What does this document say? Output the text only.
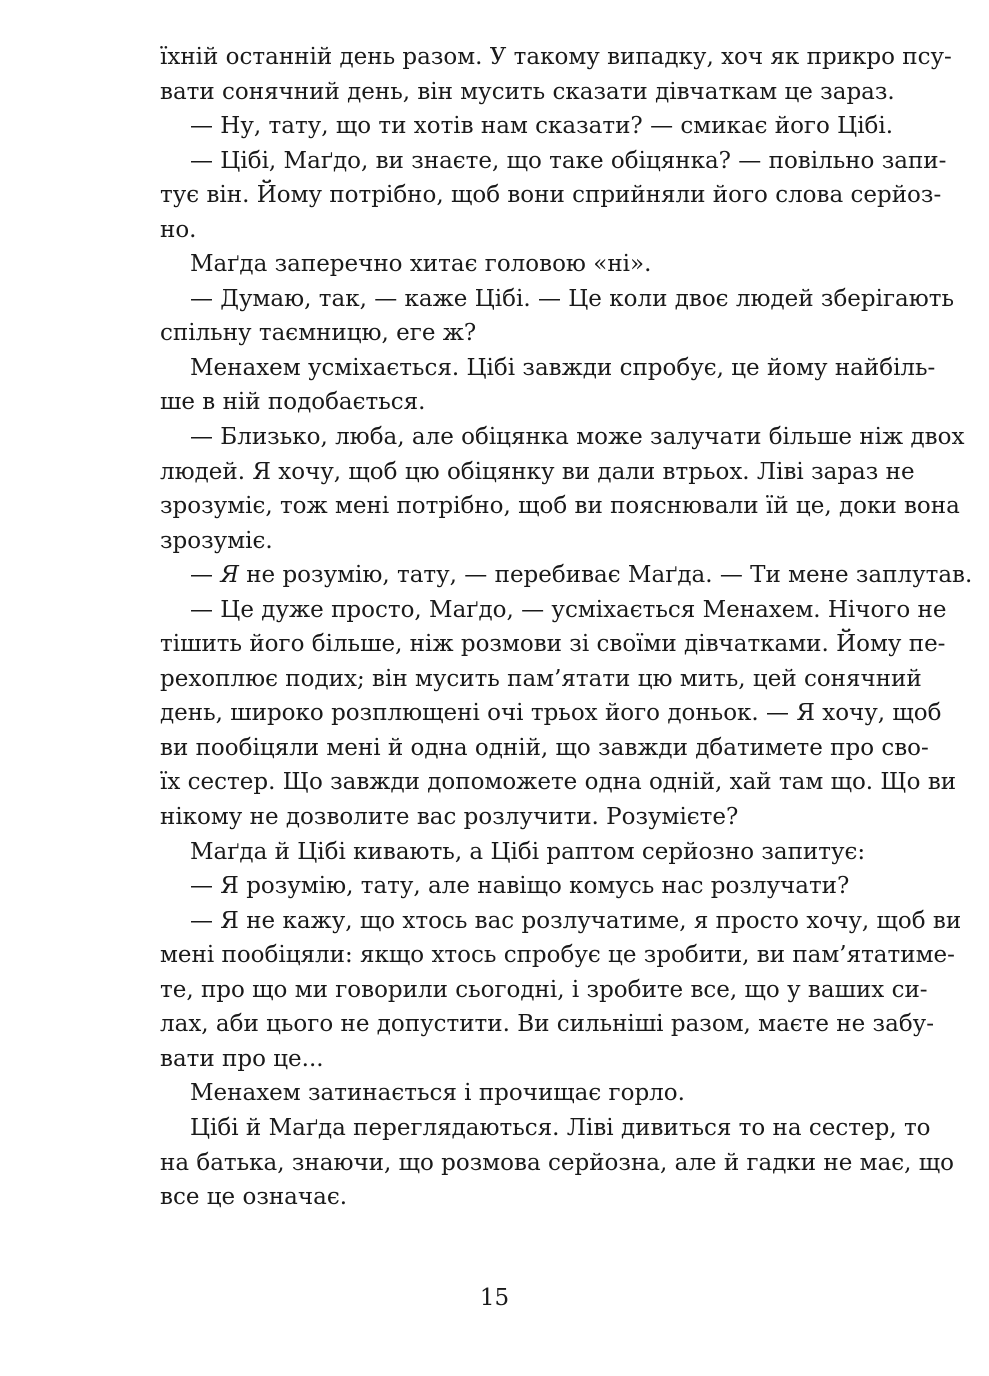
їхній останній день разом. У такому випадку, хоч як прикро псу-
вати сонячний день, він мусить сказати дівчаткам це зараз.
— Ну, тату, що ти хотів нам сказати? — смикає його Цібі.
— Цібі, Маґдо, ви знаєте, що таке обіцянка? — повільно запи-
тує він. Йому потрібно, щоб вони сприйняли його слова серйоз-
но.
Маґда заперечно хитає головою «ні».
— Думаю, так, — каже Цібі. — Це коли двоє людей зберігають
спільну таємницю, еге ж?
Менахем усміхається. Цібі завжди спробує, це йому найбіль-
ше в ній подобається.
— Близько, люба, але обіцянка може залучати більше ніж двох
людей. Я хочу, щоб цю обіцянку ви дали втрьох. Ліві зараз не
зрозуміє, тож мені потрібно, щоб ви пояснювали їй це, доки вона
зрозуміє.
— Я не розумію, тату, — перебиває Маґда. — Ти мене заплутав.
— Це дуже просто, Маґдо, — усміхається Менахем. Нічого не
тішить його більше, ніж розмови зі своїми дівчатками. Йому пе-
рехоплює подих; він мусить пам’ятати цю мить, цей сонячний
день, широко розплющені очі трьох його доньок. — Я хочу, щоб
ви пообіцяли мені й одна одній, що завжди дбатимете про сво-
їх сестер. Що завжди допоможете одна одній, хай там що. Що ви
нікому не дозволите вас розлучити. Розумієте?
Маґда й Цібі кивають, а Цібі раптом серйозно запитує:
— Я розумію, тату, але навіщо комусь нас розлучати?
— Я не кажу, що хтось вас розлучатиме, я просто хочу, щоб ви
мені пообіцяли: якщо хтось спробує це зробити, ви пам’ятатиме-
те, про що ми говорили сьогодні, і зробите все, що у ваших си-
лах, аби цього не допустити. Ви сильніші разом, маєте не забу-
вати про це...
Менахем затинається і прочищає горло.
Цібі й Маґда переглядаються. Ліві дивиться то на сестер, то
на батька, знаючи, що розмова серйозна, але й гадки не має, що
все це означає.
15
